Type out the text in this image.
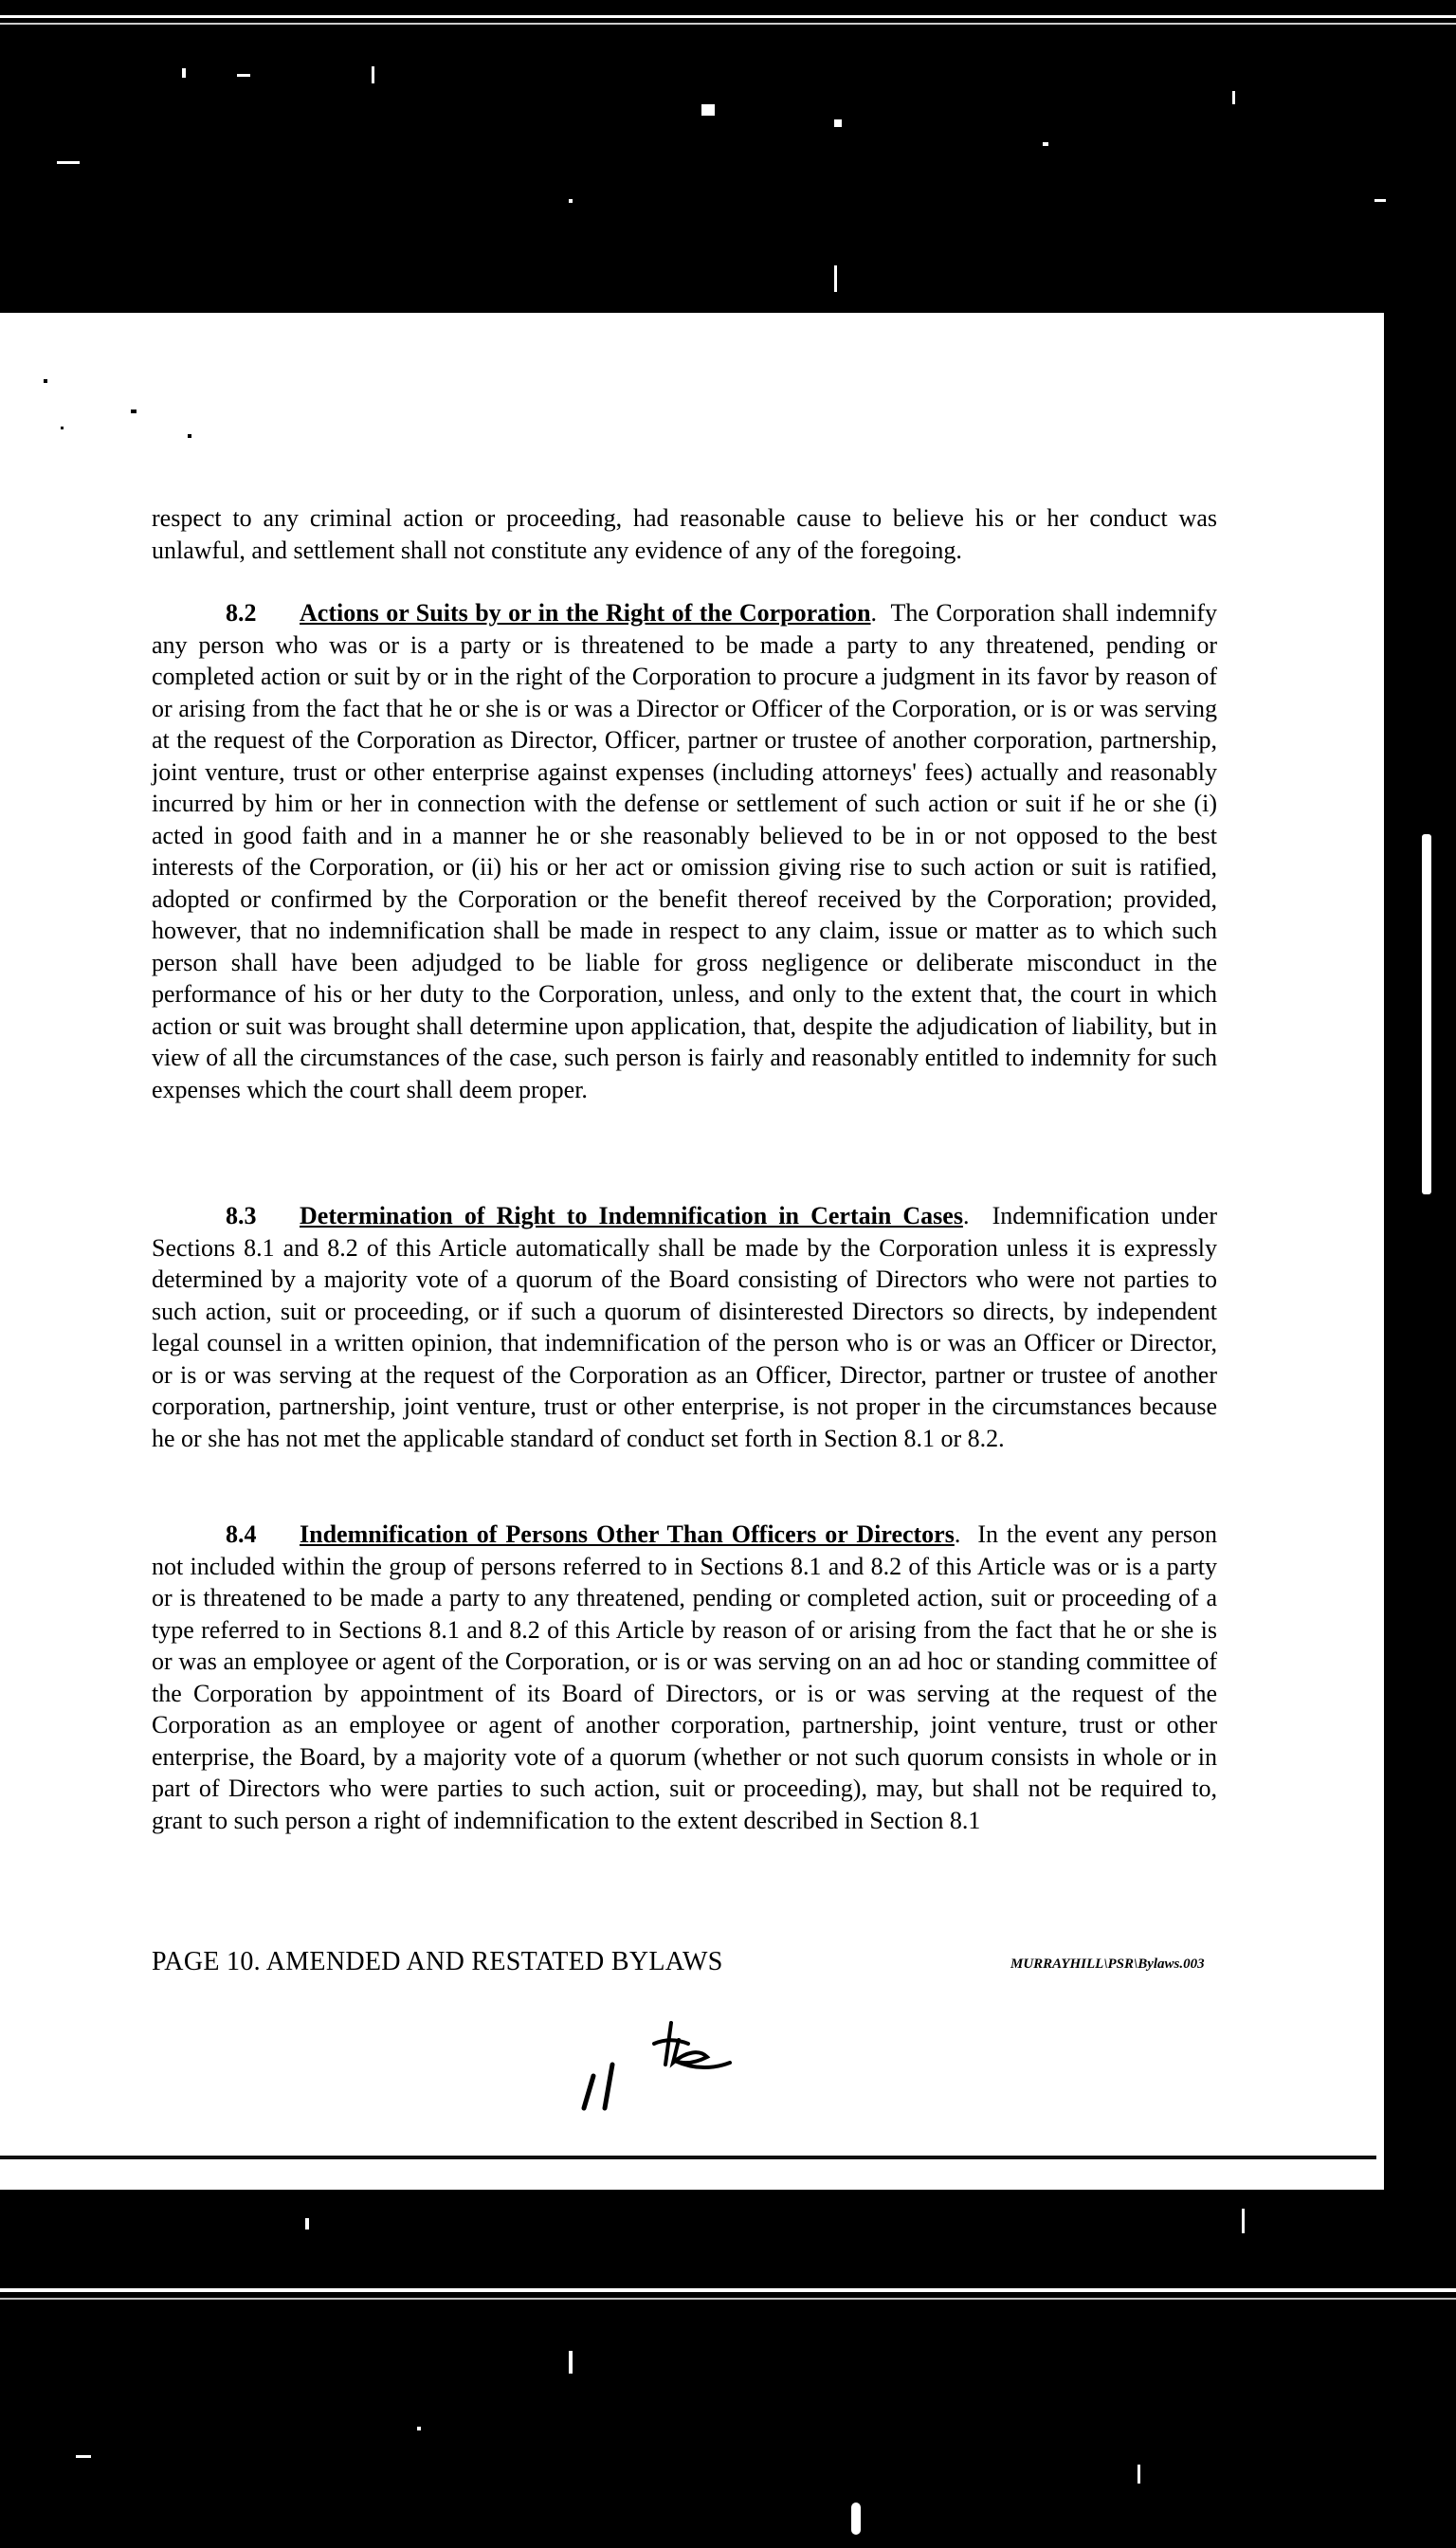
respect to any criminal action or proceeding, had reasonable cause to believe his or her conduct was unlawful, and settlement shall not constitute any evidence of any of the foregoing.

8.2 Actions or Suits by or in the Right of the Corporation.  The Corporation shall indemnify any person who was or is a party or is threatened to be made a party to any threatened, pending or completed action or suit by or in the right of the Corporation to procure a judgment in its favor by reason of or arising from the fact that he or she is or was a Director or Officer of the Corporation, or is or was serving at the request of the Corporation as Director, Officer, partner or trustee of another corporation, partnership, joint venture, trust or other enterprise against expenses (including attorneys' fees) actually and reasonably incurred by him or her in connection with the defense or settlement of such action or suit if he or she (i) acted in good faith and in a manner he or she reasonably believed to be in or not opposed to the best interests of the Corporation, or (ii) his or her act or omission giving rise to such action or suit is ratified, adopted or confirmed by the Corporation or the benefit thereof received by the Corporation; provided, however, that no indemnification shall be made in respect to any claim, issue or matter as to which such person shall have been adjudged to be liable for gross negligence or deliberate misconduct in the performance of his or her duty to the Corporation, unless, and only to the extent that, the court in which action or suit was brought shall determine upon application, that, despite the adjudication of liability, but in view of all the circumstances of the case, such person is fairly and reasonably entitled to indemnity for such expenses which the court shall deem proper.

8.3 Determination of Right to Indemnification in Certain Cases.  Indemnification under Sections 8.1 and 8.2 of this Article automatically shall be made by the Corporation unless it is expressly determined by a majority vote of a quorum of the Board consisting of Directors who were not parties to such action, suit or proceeding, or if such a quorum of disinterested Directors so directs, by independent legal counsel in a written opinion, that indemnification of the person who is or was an Officer or Director, or is or was serving at the request of the Corporation as an Officer, Director, partner or trustee of another corporation, partnership, joint venture, trust or other enterprise, is not proper in the circumstances because he or she has not met the applicable standard of conduct set forth in Section 8.1 or 8.2.

8.4 Indemnification of Persons Other Than Officers or Directors.  In the event any person not included within the group of persons referred to in Sections 8.1 and 8.2 of this Article was or is a party or is threatened to be made a party to any threatened, pending or completed action, suit or proceeding of a type referred to in Sections 8.1 and 8.2 of this Article by reason of or arising from the fact that he or she is or was an employee or agent of the Corporation, or is or was serving on an ad hoc or standing committee of the Corporation by appointment of its Board of Directors, or is or was serving at the request of the Corporation as an employee or agent of another corporation, partnership, joint venture, trust or other enterprise, the Board, by a majority vote of a quorum (whether or not such quorum consists in whole or in part of Directors who were parties to such action, suit or proceeding), may, but shall not be required to, grant to such person a right of indemnification to the extent described in Section 8.1

PAGE 10. AMENDED AND RESTATED BYLAWS	MURRAYHILL\PSR\Bylaws.003
